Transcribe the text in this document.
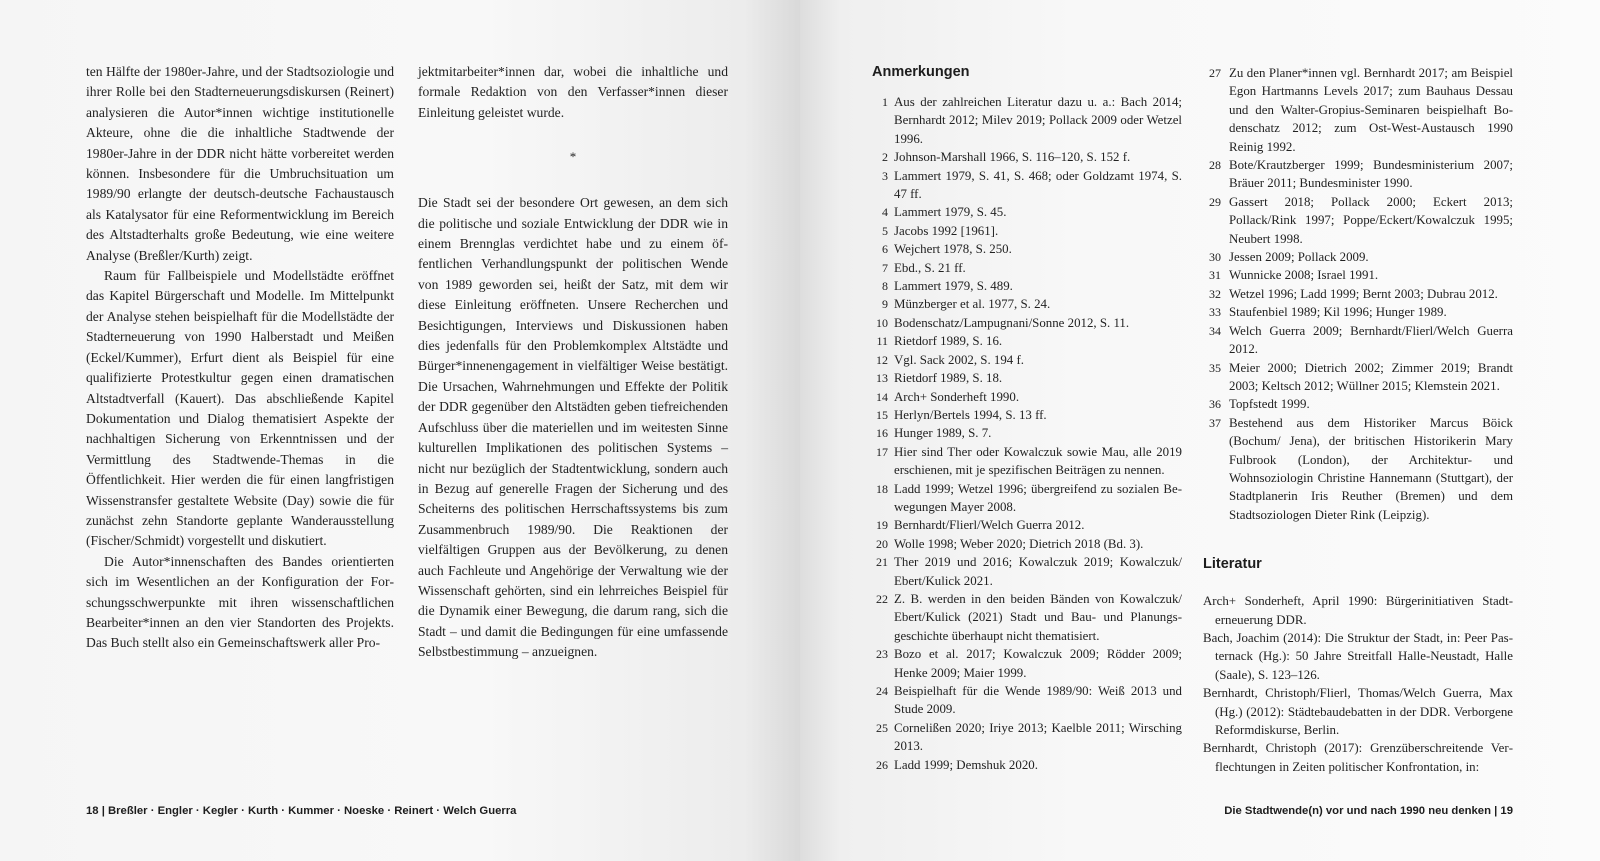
ten Hälfte der 1980er-Jahre, und der Stadtsoziologie und ihrer Rolle bei den Stadterneuerungsdiskursen (Reinert) analysieren die Autor*innen wichtige institutionelle Akteure, ohne die die inhaltliche Stadtwende der 1980er-Jahre in der DDR nicht hätte vorbereitet werden können. Insbesondere für die Umbruchsituation um 1989/90 erlangte der deutsch-deutsche Fachaustausch als Katalysator für eine Reformentwicklung im Bereich des Altstadterhalts große Bedeutung, wie eine weitere Analyse (Breßler/Kurth) zeigt.

Raum für Fallbeispiele und Modellstädte eröffnet das Kapitel Bürgerschaft und Modelle. Im Mittelpunkt der Analyse stehen beispielhaft für die Modellstädte der Stadterneuerung von 1990 Halberstadt und Meißen (Eckel/Kummer), Erfurt dient als Beispiel für eine qualifizierte Protestkultur gegen einen dramatischen Altstadtverfall (Kauert). Das abschließende Kapitel Dokumentation und Dialog thematisiert Aspekte der nachhaltigen Sicherung von Erkenntnissen und der Vermittlung des Stadtwende-Themas in die Öffentlichkeit. Hier werden die für einen langfristigen Wissenstransfer gestaltete Website (Day) sowie die für zunächst zehn Standorte geplante Wanderausstellung (Fischer/Schmidt) vorgestellt und diskutiert.

Die Autor*innenschaften des Bandes orientierten sich im Wesentlichen an der Konfiguration der Forschungsschwerpunkte mit ihren wissenschaftlichen Bearbeiter*innen an den vier Standorten des Projekts. Das Buch stellt also ein Gemeinschaftswerk aller Pro-

jektmitarbeiter*innen dar, wobei die inhaltliche und formale Redaktion von den Verfasser*innen dieser Einleitung geleistet wurde.

*

Die Stadt sei der besondere Ort gewesen, an dem sich die politische und soziale Entwicklung der DDR wie in einem Brennglas verdichtet habe und zu einem öffentlichen Verhandlungspunkt der politischen Wende von 1989 geworden sei, heißt der Satz, mit dem wir diese Einleitung eröffneten. Unsere Recherchen und Besichtigungen, Interviews und Diskussionen haben dies jedenfalls für den Problemkomplex Altstädte und Bürger*innenengagement in vielfältiger Weise bestätigt. Die Ursachen, Wahrnehmungen und Effekte der Politik der DDR gegenüber den Altstädten geben tiefreichenden Aufschluss über die materiellen und im weitesten Sinne kulturellen Implikationen des politischen Systems – nicht nur bezüglich der Stadtentwicklung, sondern auch in Bezug auf generelle Fragen der Sicherung und des Scheiterns des politischen Herrschaftssystems bis zum Zusammenbruch 1989/90. Die Reaktionen der vielfältigen Gruppen aus der Bevölkerung, zu denen auch Fachleute und Angehörige der Verwaltung wie der Wissenschaft gehörten, sind ein lehrreiches Beispiel für die Dynamik einer Bewegung, die darum rang, sich die Stadt – und damit die Bedingungen für eine umfassende Selbstbestimmung – anzueignen.

18 | Breßler · Engler · Kegler · Kurth · Kummer · Noeske · Reinert · Welch Guerra	Die Stadtwende(n) vor und nach 1990 neu denken | 19
Anmerkungen
1 Aus der zahlreichen Literatur dazu u. a.: Bach 2014; Bernhardt 2012; Milev 2019; Pollack 2009 oder Wetzel 1996.
2 Johnson-Marshall 1966, S. 116–120, S. 152 f.
3 Lammert 1979, S. 41, S. 468; oder Goldzamt 1974, S. 47 ff.
4 Lammert 1979, S. 45.
5 Jacobs 1992 [1961].
6 Wejchert 1978, S. 250.
7 Ebd., S. 21 ff.
8 Lammert 1979, S. 489.
9 Münzberger et al. 1977, S. 24.
10 Bodenschatz/Lampugnani/Sonne 2012, S. 11.
11 Rietdorf 1989, S. 16.
12 Vgl. Sack 2002, S. 194 f.
13 Rietdorf 1989, S. 18.
14 Arch+ Sonderheft 1990.
15 Herlyn/Bertels 1994, S. 13 ff.
16 Hunger 1989, S. 7.
17 Hier sind Ther oder Kowalczuk sowie Mau, alle 2019 erschienen, mit je spezifischen Beiträgen zu nennen.
18 Ladd 1999; Wetzel 1996; übergreifend zu sozialen Bewegungen Mayer 2008.
19 Bernhardt/Flierl/Welch Guerra 2012.
20 Wolle 1998; Weber 2020; Dietrich 2018 (Bd. 3).
21 Ther 2019 und 2016; Kowalczuk 2019; Kowalczuk/ Ebert/Kulick 2021.
22 Z. B. werden in den beiden Bänden von Kowalczuk/ Ebert/Kulick (2021) Stadt und Bau- und Planungsgeschichte überhaupt nicht thematisiert.
23 Bozo et al. 2017; Kowalczuk 2009; Rödder 2009; Henke 2009; Maier 1999.
24 Beispielhaft für die Wende 1989/90: Weiß 2013 und Stude 2009.
25 Cornelißen 2020; Iriye 2013; Kaelble 2011; Wirsching 2013.
26 Ladd 1999; Demshuk 2020.
27 Zu den Planer*innen vgl. Bernhardt 2017; am Beispiel Egon Hartmanns Levels 2017; zum Bauhaus Dessau und den Walter-Gropius-Seminaren beispielhaft Bodenschatz 2012; zum Ost-West-Austausch 1990 Reinig 1992.
28 Bote/Krautzberger 1999; Bundesministerium 2007; Bräuer 2011; Bundesminister 1990.
29 Gassert 2018; Pollack 2000; Eckert 2013; Pollack/Rink 1997; Poppe/Eckert/Kowalczuk 1995; Neubert 1998.
30 Jessen 2009; Pollack 2009.
31 Wunnicke 2008; Israel 1991.
32 Wetzel 1996; Ladd 1999; Bernt 2003; Dubrau 2012.
33 Staufenbiel 1989; Kil 1996; Hunger 1989.
34 Welch Guerra 2009; Bernhardt/Flierl/Welch Guerra 2012.
35 Meier 2000; Dietrich 2002; Zimmer 2019; Brandt 2003; Keltsch 2012; Wüllner 2015; Klemstein 2021.
36 Topfstedt 1999.
37 Bestehend aus dem Historiker Marcus Böick (Bochum/ Jena), der britischen Historikerin Mary Fulbrook (London), der Architektur- und Wohnsoziologin Christine Hannemann (Stuttgart), der Stadtplanerin Iris Reuther (Bremen) und dem Stadtsoziologen Dieter Rink (Leipzig).
Literatur
Arch+ Sonderheft, April 1990: Bürgerinitiativen Stadterneuerung DDR.
Bach, Joachim (2014): Die Struktur der Stadt, in: Peer Pasternack (Hg.): 50 Jahre Streitfall Halle-Neustadt, Halle (Saale), S. 123–126.
Bernhardt, Christoph/Flierl, Thomas/Welch Guerra, Max (Hg.) (2012): Städtebaudebatten in der DDR. Verborgene Reformdiskurse, Berlin.
Bernhardt, Christoph (2017): Grenzüberschreitende Verflechtungen in Zeiten politischer Konfrontation, in:
